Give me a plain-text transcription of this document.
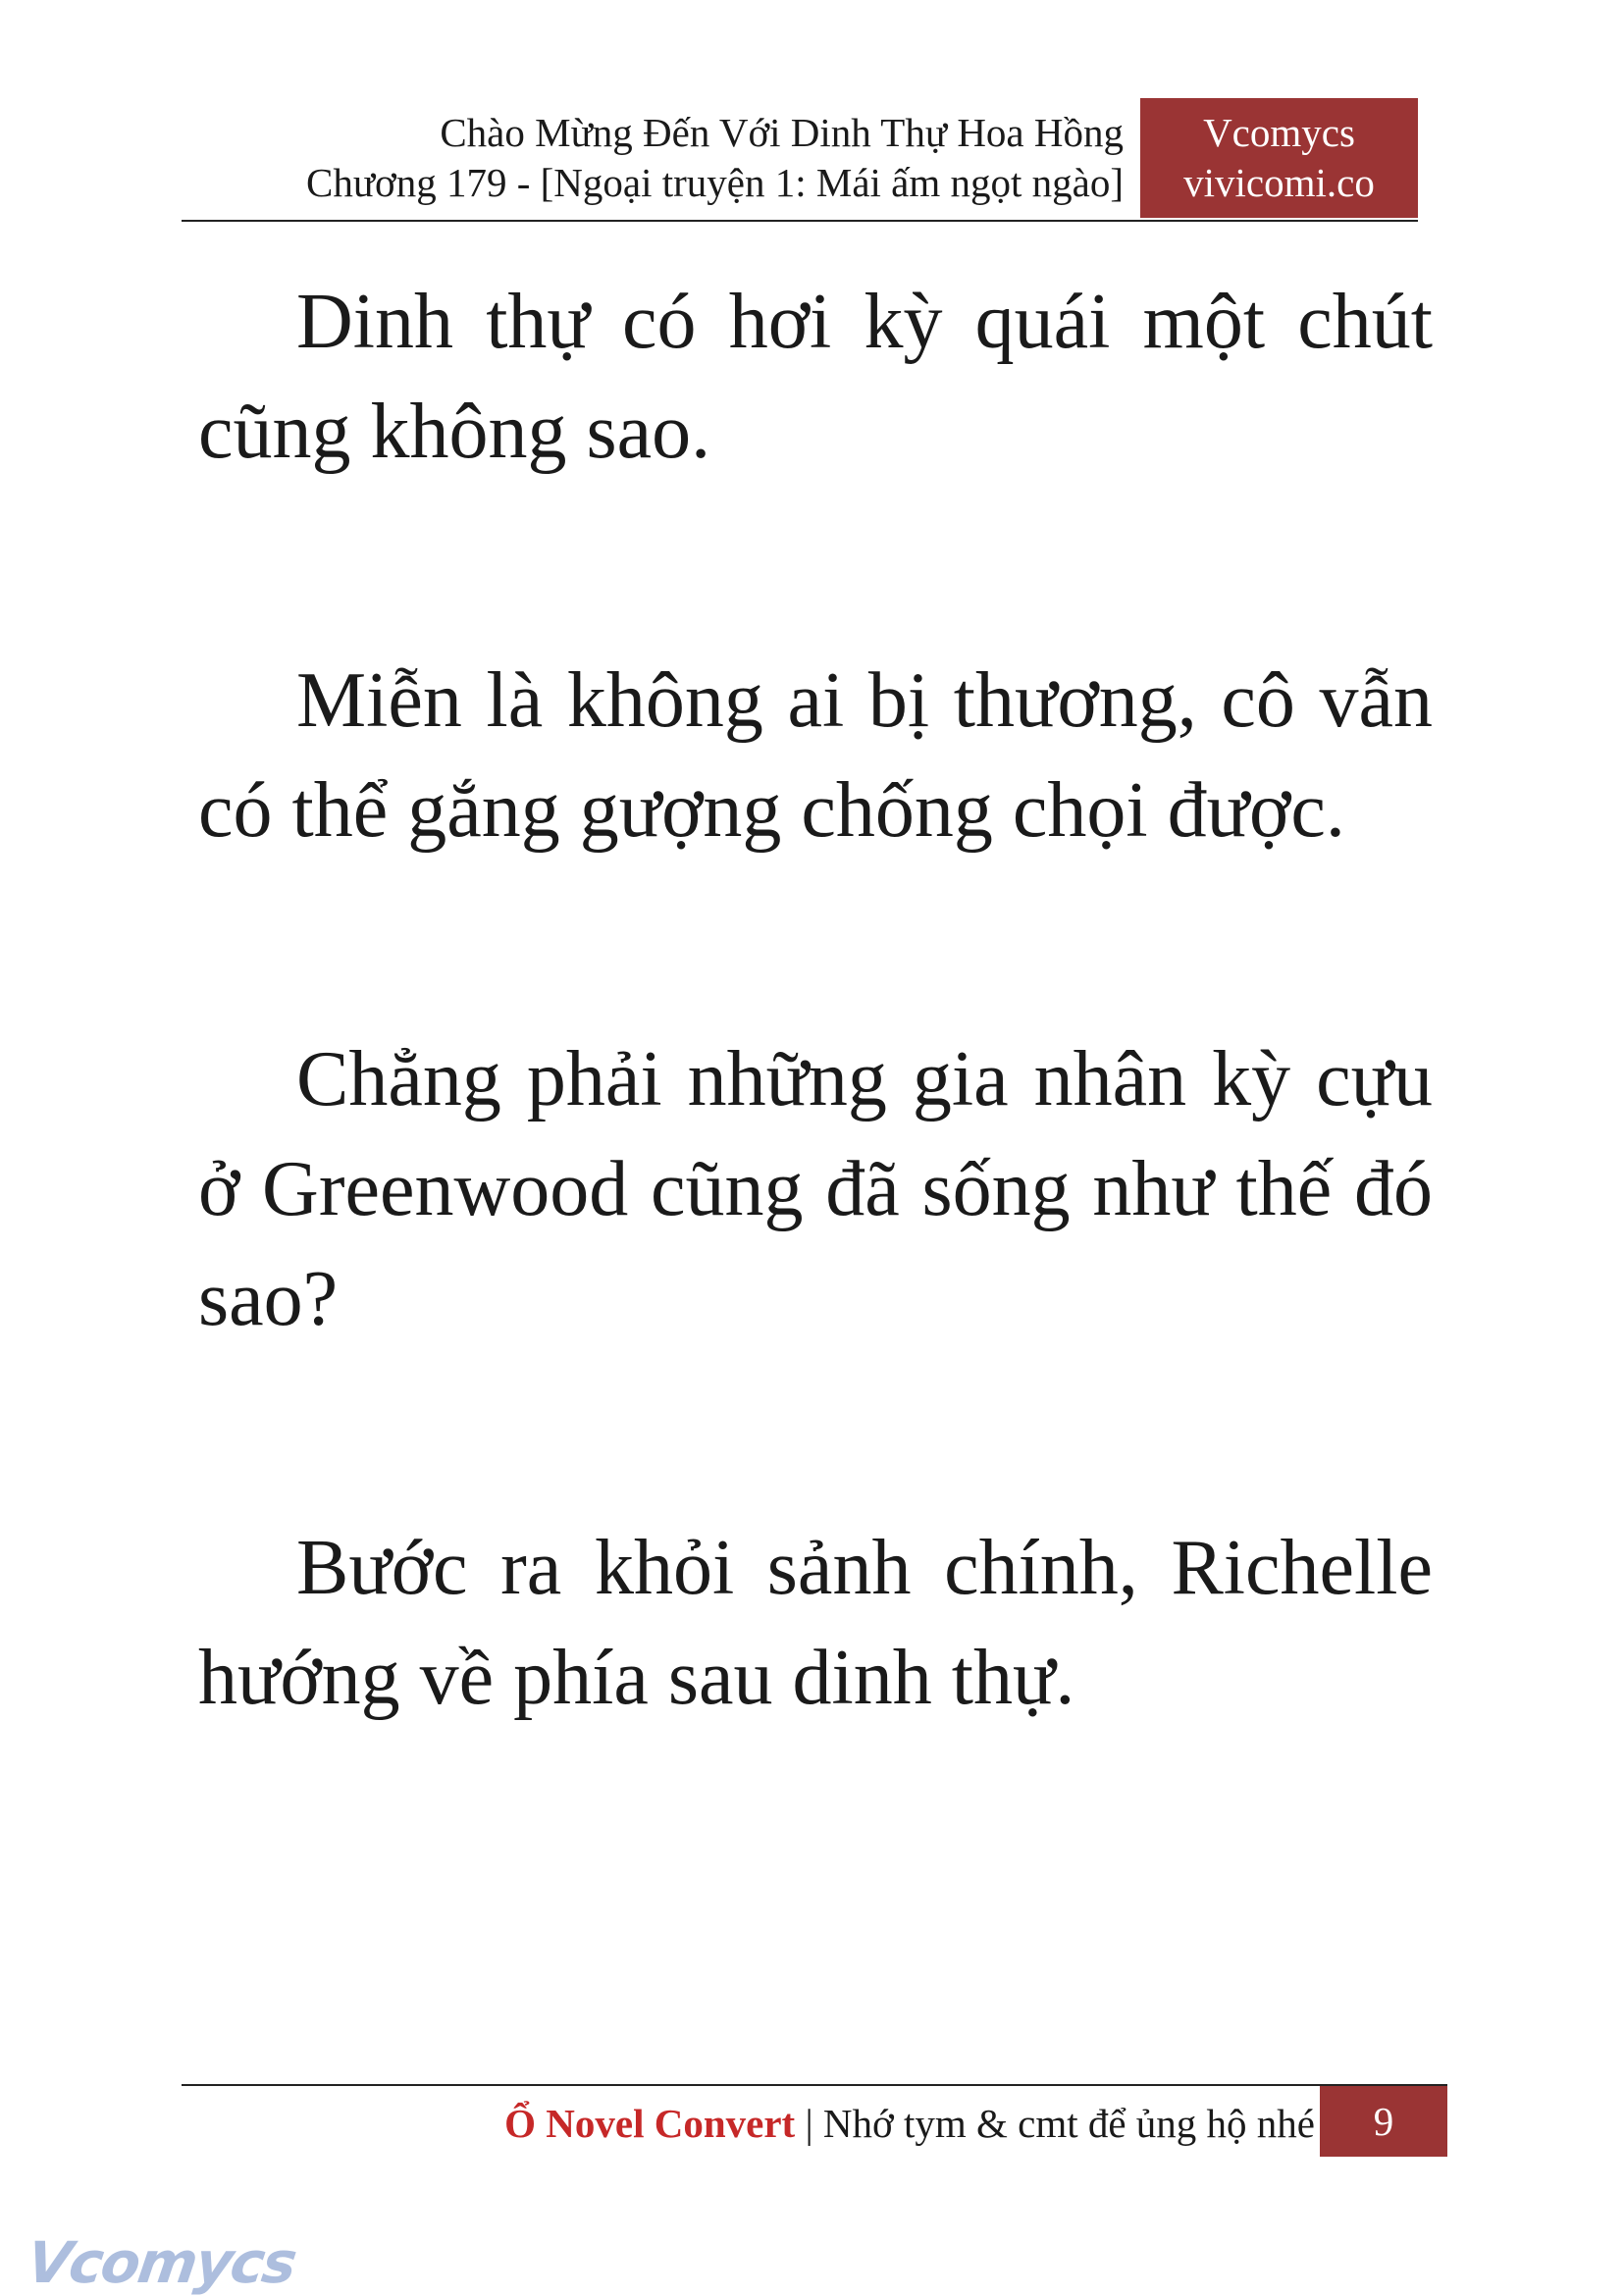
Chào Mừng Đến Với Dinh Thự Hoa Hồng
Chương 179 - [Ngoại truyện 1: Mái ấm ngọt ngào]
Vcomycs
vivicomi.co

Dinh thự có hơi kỳ quái một chút cũng không sao.

Miễn là không ai bị thương, cô vẫn có thể gắng gượng chống chọi được.

Chẳng phải những gia nhân kỳ cựu ở Greenwood cũng đã sống như thế đó sao?

Bước ra khỏi sảnh chính, Richelle hướng về phía sau dinh thự.

Ổ Novel Convert | Nhớ tym & cmt để ủng hộ nhé	9
Vcomycs
